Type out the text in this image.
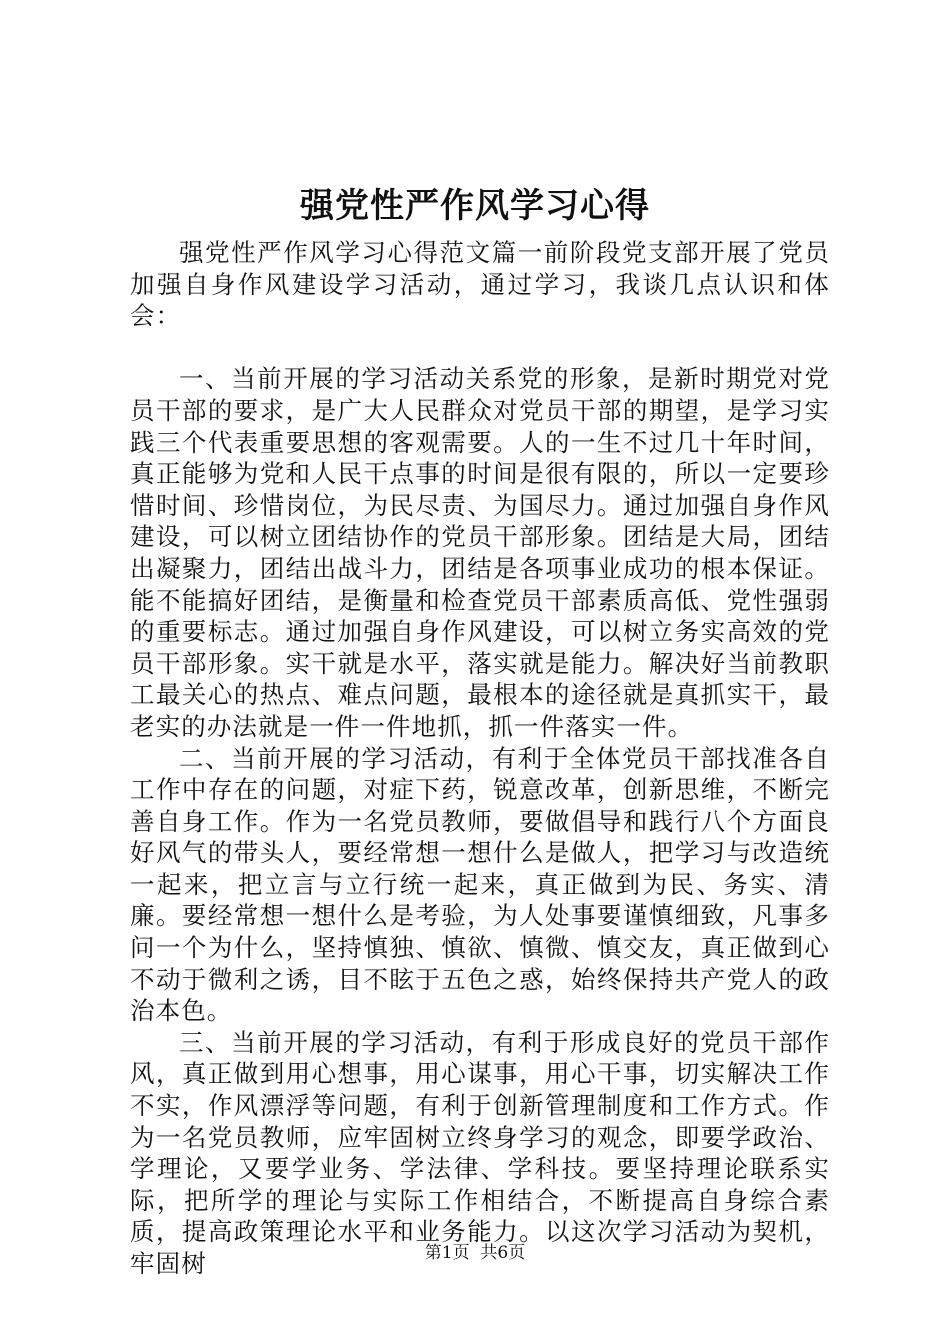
强党性严作风学习心得

强党性严作风学习心得范文篇一前阶段党支部开展了党员加强自身作风建设学习活动，通过学习，我谈几点认识和体会：

一、当前开展的学习活动关系党的形象，是新时期党对党员干部的要求，是广大人民群众对党员干部的期望，是学习实践三个代表重要思想的客观需要。人的一生不过几十年时间，真正能够为党和人民干点事的时间是很有限的，所以一定要珍惜时间、珍惜岗位，为民尽责、为国尽力。通过加强自身作风建设，可以树立团结协作的党员干部形象。团结是大局，团结出凝聚力，团结出战斗力，团结是各项事业成功的根本保证。能不能搞好团结，是衡量和检查党员干部素质高低、党性强弱的重要标志。通过加强自身作风建设，可以树立务实高效的党员干部形象。实干就是水平，落实就是能力。解决好当前教职工最关心的热点、难点问题，最根本的途径就是真抓实干，最老实的办法就是一件一件地抓，抓一件落实一件。

二、当前开展的学习活动，有利于全体党员干部找准各自工作中存在的问题，对症下药，锐意改革，创新思维，不断完善自身工作。作为一名党员教师，要做倡导和践行八个方面良好风气的带头人，要经常想一想什么是做人，把学习与改造统一起来，把立言与立行统一起来，真正做到为民、务实、清廉。要经常想一想什么是考验，为人处事要谨慎细致，凡事多问一个为什么，坚持慎独、慎欲、慎微、慎交友，真正做到心不动于微利之诱，目不眩于五色之惑，始终保持共产党人的政治本色。

三、当前开展的学习活动，有利于形成良好的党员干部作风，真正做到用心想事，用心谋事，用心干事，切实解决工作不实，作风漂浮等问题，有利于创新管理制度和工作方式。作为一名党员教师，应牢固树立终身学习的观念，即要学政治、学理论，又要学业务、学法律、学科技。要坚持理论联系实际，把所学的理论与实际工作相结合，不断提高自身综合素质，提高政策理论水平和业务能力。以这次学习活动为契机，牢固树	第1页  共6页
